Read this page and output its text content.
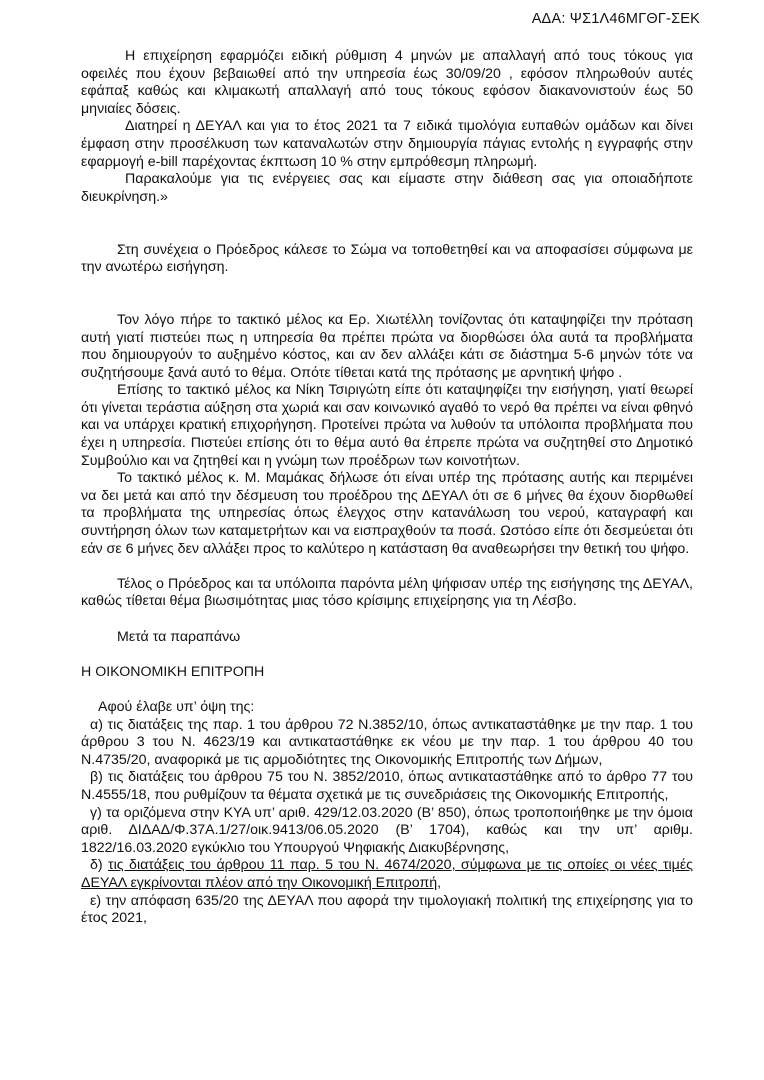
ΑΔΑ: ΨΣ1Λ46ΜΓΘΓ-ΣΕΚ

Η επιχείρηση εφαρμόζει ειδική ρύθμιση 4 μηνών με απαλλαγή από τους τόκους για οφειλές που έχουν βεβαιωθεί από την υπηρεσία έως 30/09/20 , εφόσον πληρωθούν αυτές εφάπαξ καθώς και κλιμακωτή απαλλαγή από τους τόκους εφόσον διακανονιστούν έως 50 μηνιαίες δόσεις.

Διατηρεί η ΔΕΥΑΛ και για το έτος 2021 τα 7 ειδικά τιμολόγια ευπαθών ομάδων και δίνει έμφαση στην προσέλκυση των καταναλωτών στην δημιουργία πάγιας εντολής η εγγραφής στην εφαρμογή e-bill παρέχοντας έκπτωση 10 % στην εμπρόθεσμη πληρωμή.

Παρακαλούμε για τις ενέργειες σας και είμαστε στην διάθεση σας για οποιαδήποτε διευκρίνηση.»

Στη συνέχεια ο Πρόεδρος κάλεσε το Σώμα να τοποθετηθεί και να αποφασίσει σύμφωνα με την ανωτέρω εισήγηση.

Τον λόγο πήρε το τακτικό μέλος κα Ερ. Χιωτέλλη τονίζοντας ότι καταψηφίζει την πρόταση αυτή γιατί πιστεύει πως η υπηρεσία θα πρέπει πρώτα να διορθώσει όλα αυτά τα προβλήματα που δημιουργούν το αυξημένο κόστος, και αν δεν αλλάξει κάτι σε διάστημα 5-6 μηνών τότε να συζητήσουμε ξανά αυτό το θέμα. Οπότε τίθεται κατά της πρότασης με αρνητική ψήφο .

Επίσης το τακτικό μέλος κα Νίκη Τσιριγώτη είπε ότι καταψηφίζει την εισήγηση, γιατί θεωρεί ότι γίνεται τεράστια αύξηση στα χωριά και σαν κοινωνικό αγαθό το νερό θα πρέπει να είναι φθηνό και να υπάρχει κρατική επιχορήγηση. Προτείνει πρώτα να λυθούν τα υπόλοιπα προβλήματα που έχει η υπηρεσία. Πιστεύει επίσης ότι το θέμα αυτό θα έπρεπε πρώτα να συζητηθεί στο Δημοτικό Συμβούλιο και να ζητηθεί και η γνώμη των προέδρων των κοινοτήτων.

Το τακτικό μέλος κ. Μ. Μαμάκας δήλωσε ότι είναι υπέρ της πρότασης αυτής και περιμένει να δει μετά και από την δέσμευση του προέδρου της ΔΕΥΑΛ ότι σε 6 μήνες θα έχουν διορθωθεί τα προβλήματα της υπηρεσίας όπως έλεγχος στην κατανάλωση του νερού, καταγραφή και συντήρηση όλων των καταμετρήτων και να εισπραχθούν τα ποσά. Ωστόσο είπε ότι δεσμεύεται ότι εάν σε 6 μήνες δεν αλλάξει προς το καλύτερο η κατάσταση θα αναθεωρήσει την θετική του ψήφο.

Τέλος ο Πρόεδρος και τα υπόλοιπα παρόντα μέλη ψήφισαν υπέρ της εισήγησης της ΔΕΥΑΛ, καθώς τίθεται θέμα βιωσιμότητας μιας τόσο κρίσιμης επιχείρησης για τη Λέσβο.

Μετά τα παραπάνω

Η ΟΙΚΟΝΟΜΙΚΗ ΕΠΙΤΡΟΠΗ

Αφού έλαβε υπ’ όψη της:

α) τις διατάξεις της παρ. 1 του άρθρου 72 Ν.3852/10, όπως αντικαταστάθηκε με την παρ. 1 του άρθρου 3 του Ν. 4623/19 και αντικαταστάθηκε εκ νέου με την παρ. 1 του άρθρου 40 του Ν.4735/20, αναφορικά με τις αρμοδιότητες της Οικονομικής Επιτροπής των Δήμων,

β) τις διατάξεις του άρθρου 75 του Ν. 3852/2010, όπως αντικαταστάθηκε από το άρθρο 77 του Ν.4555/18, που ρυθμίζουν τα θέματα σχετικά με τις συνεδριάσεις της Οικονομικής Επιτροπής,

γ) τα οριζόμενα στην ΚΥΑ υπ’ αριθ. 429/12.03.2020 (Β’ 850), όπως τροποποιήθηκε με την όμοια αριθ. ΔΙΔΑΔ/Φ.37Α.1/27/οικ.9413/06.05.2020 (Β’ 1704), καθώς και την υπ’ αριθμ. 1822/16.03.2020 εγκύκλιο του Υπουργού Ψηφιακής Διακυβέρνησης,

δ) τις διατάξεις του άρθρου 11 παρ. 5 του Ν. 4674/2020, σύμφωνα με τις οποίες οι νέες τιμές ΔΕΥΑΛ εγκρίνονται πλέον από την Οικονομική Επιτροπή,

ε) την απόφαση 635/20 της ΔΕΥΑΛ που αφορά την τιμολογιακή πολιτική της επιχείρησης για το έτος 2021,
